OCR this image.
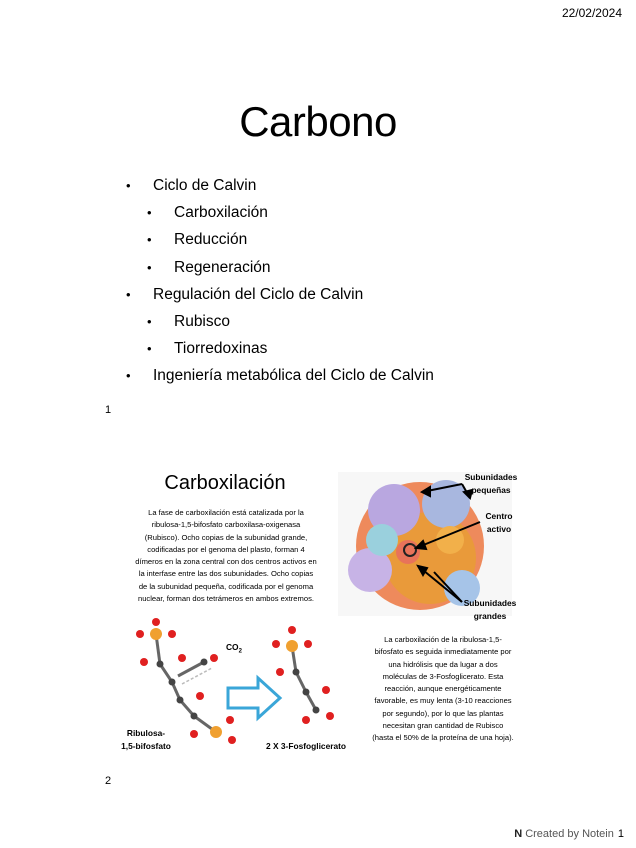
22/02/2024
Carbono
• Ciclo de Calvin
• Carboxilación
• Reducción
• Regeneración
• Regulación del Ciclo de Calvin
• Rubisco
• Tiorredoxinas
• Ingeniería metabólica del Ciclo de Calvin
1
Carboxilación
La fase de carboxilación está catalizada por la
ribulosa-1,5-bifosfato carboxilasa-oxigenasa
(Rubisco). Ocho copias de la subunidad grande,
codificadas por el genoma del plasto, forman 4
dímeros en la zona central con dos centros activos en
la interfase entre las dos subunidades. Ocho copias
de la subunidad pequeña, codificada por el genoma
nuclear, forman dos tetrámeros en ambos extremos.
Subunidades
pequeñas
Centro
activo
Subunidades
grandes
$CO_2$
Ribulosa-
1,5-bifosfato	2 X 3-Fosfoglicerato
La carboxilación de la ribulosa-1,5-
bifosfato es seguida inmediatamente por
una hidrólisis que da lugar a dos
moléculas de 3-Fosfoglicerato. Esta
reacción, aunque energéticamente
favorable, es muy lenta (3-10 reacciones
por segundo), por lo que las plantas
necesitan gran cantidad de Rubisco
(hasta el 50% de la proteína de una hoja).
2
N Created by Notein 1
